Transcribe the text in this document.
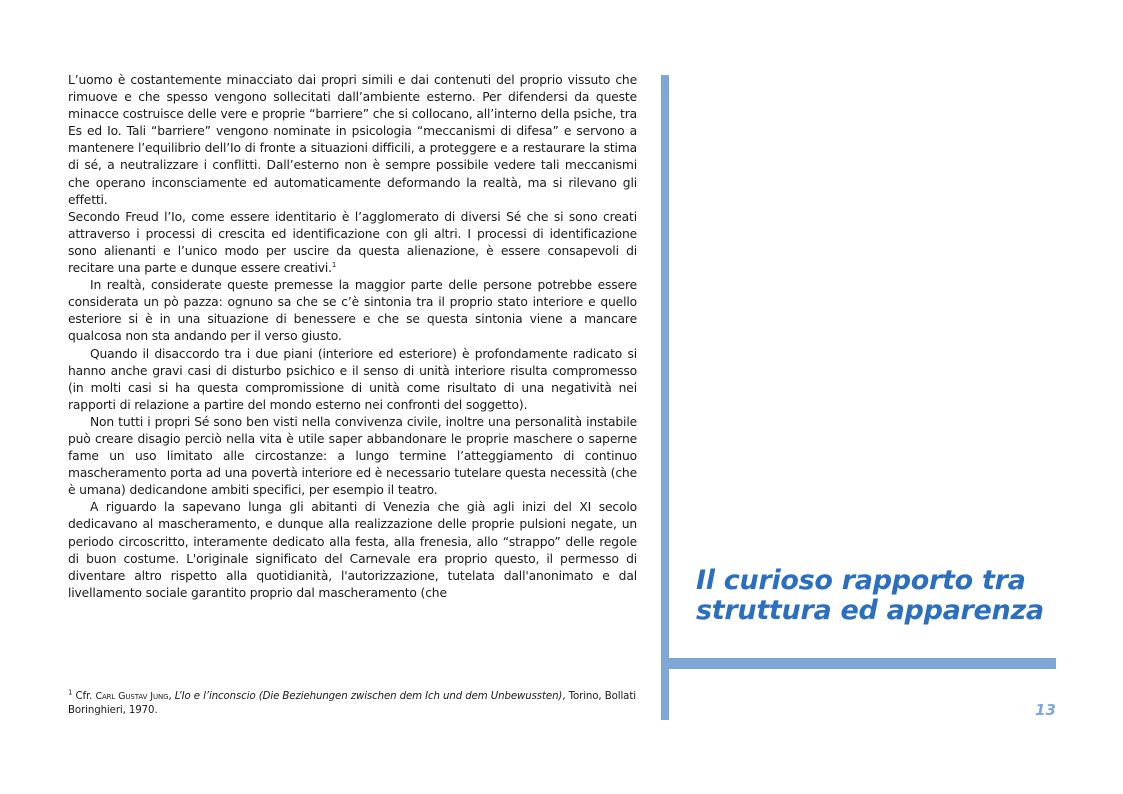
L’uomo è costantemente minacciato dai propri simili e dai contenuti del proprio vissuto che rimuove e che spesso vengono sollecitati dall’ambiente esterno. Per difendersi da queste minacce costruisce delle vere e proprie “barriere” che si collocano, all’interno della psiche, tra Es ed Io. Tali “barriere” vengono nominate in psicologia “meccanismi di difesa” e servono a mantenere l’equilibrio dell’Io di fronte a situazioni difficili, a proteggere e a restaurare la stima di sé, a neutralizzare i conflitti. Dall’esterno non è sempre possibile vedere tali meccanismi che operano inconsciamente ed automaticamente deformando la realtà, ma si rilevano gli effetti.

Secondo Freud l’Io, come essere identitario è l’agglomerato di diversi Sé che si sono creati attraverso i processi di crescita ed identificazione con gli altri. I processi di identificazione sono alienanti e l’unico modo per uscire da questa alienazione, è essere consapevoli di recitare una parte e dunque essere creativi.$^1$

In realtà, considerate queste premesse la maggior parte delle persone potrebbe essere considerata un pò pazza: ognuno sa che se c’è sintonia tra il proprio stato interiore e quello esteriore si è in una situazione di benessere e che se questa sintonia viene a mancare qualcosa non sta andando per il verso giusto.

Quando il disaccordo tra i due piani (interiore ed esteriore) è profondamente radicato si hanno anche gravi casi di disturbo psichico e il senso di unità interiore risulta compromesso (in molti casi si ha questa compromissione di unità come risultato di una negatività nei rapporti di relazione a partire del mondo esterno nei confronti del soggetto).

Non tutti i propri Sé sono ben visti nella convivenza civile, inoltre una personalità instabile può creare disagio perciò nella vita è utile saper abbandonare le proprie maschere o saperne fame un uso limitato alle circostanze: a lungo termine l’atteggiamento di continuo mascheramento porta ad una povertà interiore ed è necessario tutelare questa necessità (che è umana) dedicandone ambiti specifici, per esempio il teatro.

A riguardo la sapevano lunga gli abitanti di Venezia che già agli inizi del XI secolo dedicavano al mascheramento, e dunque alla realizzazione delle proprie pulsioni negate, un periodo circoscritto, interamente dedicato alla festa, alla frenesia, allo “strappo” delle regole di buon costume. L'originale significato del Carnevale era proprio questo, il permesso di diventare altro rispetto alla quotidianità, l'autorizzazione, tutelata dall'anonimato e dal livellamento sociale garantito proprio dal mascheramento (che

$^1$ Cfr. Carl Gustav Jung, L’Io e l’inconscio (Die Beziehungen zwischen dem Ich und dem Unbewussten), Torino, Bollati Boringhieri, 1970.
Il curioso rapporto tra
struttura ed apparenza
13
